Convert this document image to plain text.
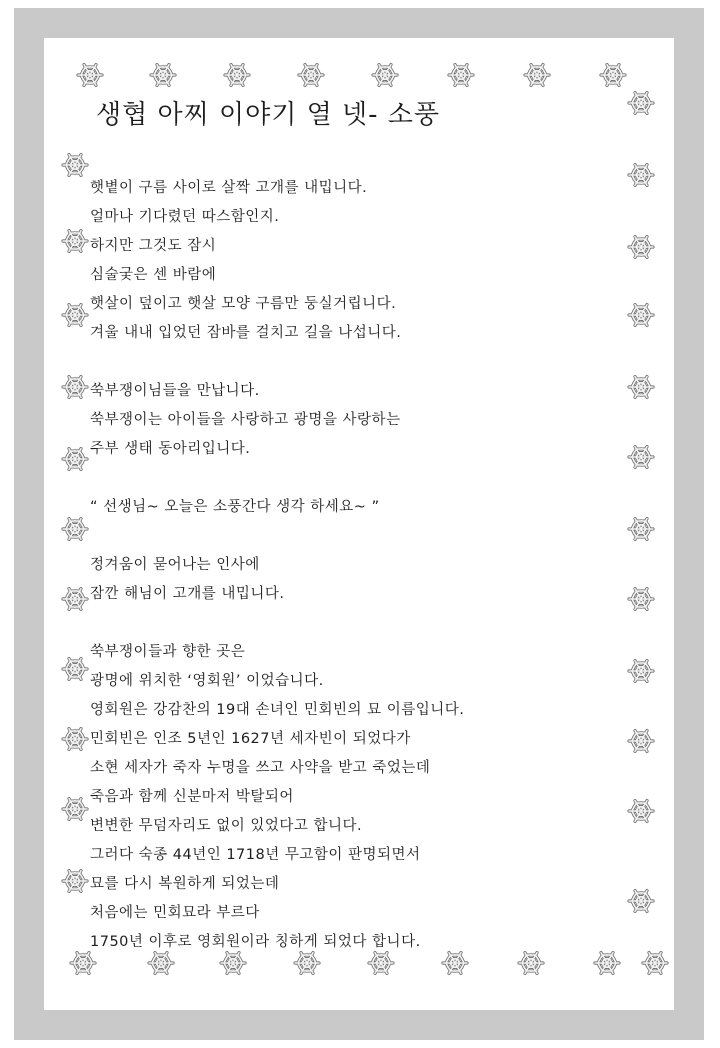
생협 아찌 이야기 열 넷- 소풍
햇볕이 구름 사이로 살짝 고개를 내밉니다.
얼마나 기다렸던 따스함인지.
하지만 그것도 잠시
심술궂은 센 바람에
햇살이 덮이고 햇살 모양 구름만 둥실거립니다.
겨울 내내 입었던 잠바를 걸치고 길을 나섭니다.
쑥부쟁이님들을 만납니다.
쑥부쟁이는 아이들을 사랑하고 광명을 사랑하는
주부 생태 동아리입니다.
“ 선생님~ 오늘은 소풍간다 생각 하세요~ ”
정겨움이 묻어나는 인사에
잠깐 해님이 고개를 내밉니다.
쑥부쟁이들과 향한 곳은
광명에 위치한 ‘영회원’ 이었습니다.
영회원은 강감찬의 19대 손녀인 민회빈의 묘 이름입니다.
민회빈은 인조 5년인 1627년 세자빈이 되었다가
소현 세자가 죽자 누명을 쓰고 사약을 받고 죽었는데
죽음과 함께 신분마저 박탈되어
변변한 무덤자리도 없이 있었다고 합니다.
그러다 숙종 44년인 1718년 무고함이 판명되면서
묘를 다시 복원하게 되었는데
처음에는 민회묘라 부르다
1750년 이후로 영회원이라 칭하게 되었다 합니다.
